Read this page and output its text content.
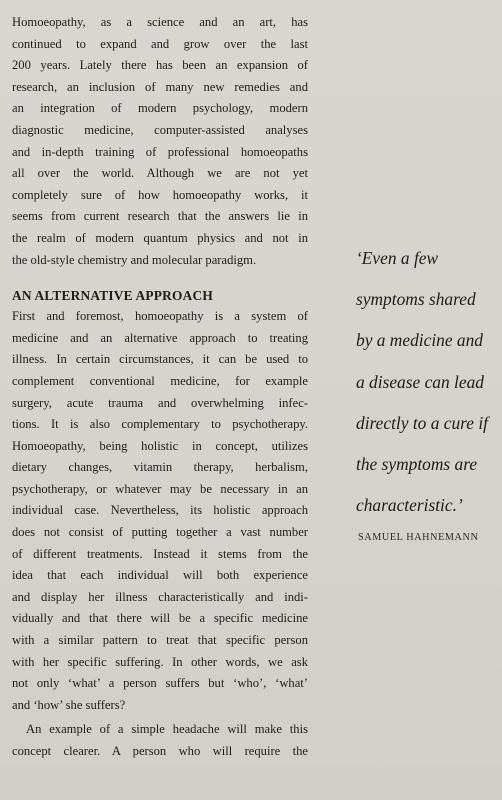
Homoeopathy, as a science and an art, has
continued to expand and grow over the last
200 years. Lately there has been an expansion of
research, an inclusion of many new remedies and
an integration of modern psychology, modern
diagnostic medicine, computer-assisted analyses
and in-depth training of professional homoeopaths
all over the world. Although we are not yet
completely sure of how homoeopathy works, it
seems from current research that the answers lie in
the realm of modern quantum physics and not in
the old-style chemistry and molecular paradigm.

AN ALTERNATIVE APPROACH

First and foremost, homoeopathy is a system of
medicine and an alternative approach to treating
illness. In certain circumstances, it can be used to
complement conventional medicine, for example
surgery, acute trauma and overwhelming infec-
tions. It is also complementary to psychotherapy.
Homoeopathy, being holistic in concept, utilizes
dietary changes, vitamin therapy, herbalism,
psychotherapy, or whatever may be necessary in an
individual case. Nevertheless, its holistic approach
does not consist of putting together a vast number
of different treatments. Instead it stems from the
idea that each individual will both experience
and display her illness characteristically and indi-
vidually and that there will be a specific medicine
with a similar pattern to treat that specific person
with her specific suffering. In other words, we ask
not only ‘what’ a person suffers but ‘who’, ‘what’
and ‘how’ she suffers?

An example of a simple headache will make this
concept clearer. A person who will require the

‘Even a few
symptoms shared
by a medicine and
a disease can lead
directly to a cure if
the symptoms are
characteristic.’

SAMUEL HAHNEMANN
